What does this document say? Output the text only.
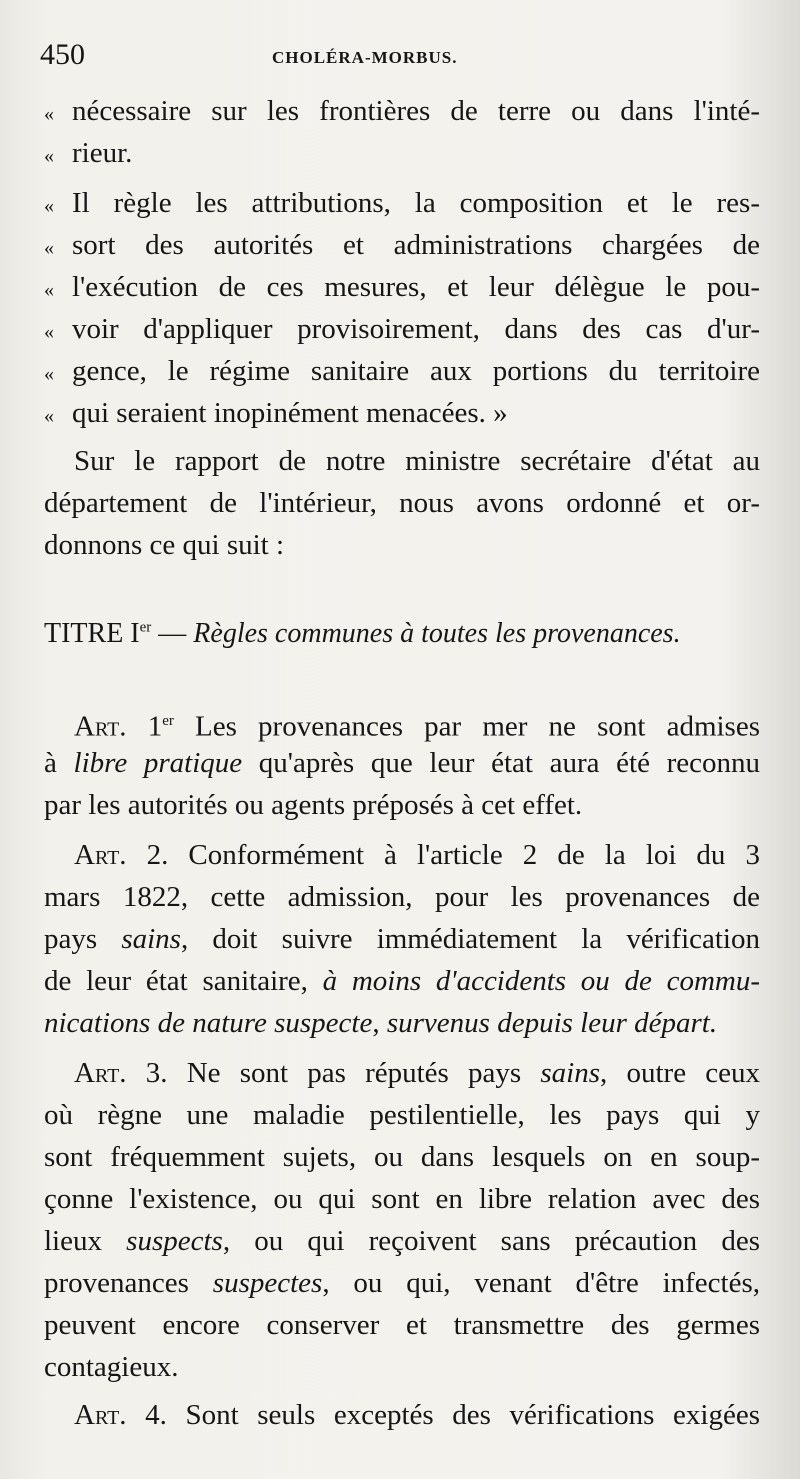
450	CHOLÉRA-MORBUS.
« nécessaire sur les frontières de terre ou dans l'inté-
« rieur.
« Il règle les attributions, la composition et le res-
« sort des autorités et administrations chargées de
« l'exécution de ces mesures, et leur délègue le pou-
« voir d'appliquer provisoirement, dans des cas d'ur-
« gence, le régime sanitaire aux portions du territoire
« qui seraient inopinément menacées. »
Sur le rapport de notre ministre secrétaire d'état au
département de l'intérieur, nous avons ordonné et or-
donnons ce qui suit :
TITRE Ier — Règles communes à toutes les provenances.
Art. 1er Les provenances par mer ne sont admises
à libre pratique qu'après que leur état aura été reconnu
par les autorités ou agents préposés à cet effet.
Art. 2. Conformément à l'article 2 de la loi du 3
mars 1822, cette admission, pour les provenances de
pays sains, doit suivre immédiatement la vérification
de leur état sanitaire, à moins d'accidents ou de commu-
nications de nature suspecte, survenus depuis leur départ.
Art. 3. Ne sont pas réputés pays sains, outre ceux
où règne une maladie pestilentielle, les pays qui y
sont fréquemment sujets, ou dans lesquels on en soup-
çonne l'existence, ou qui sont en libre relation avec des
lieux suspects, ou qui reçoivent sans précaution des
provenances suspectes, ou qui, venant d'être infectés,
peuvent encore conserver et transmettre des germes
contagieux.
Art. 4. Sont seuls exceptés des vérifications exigées
